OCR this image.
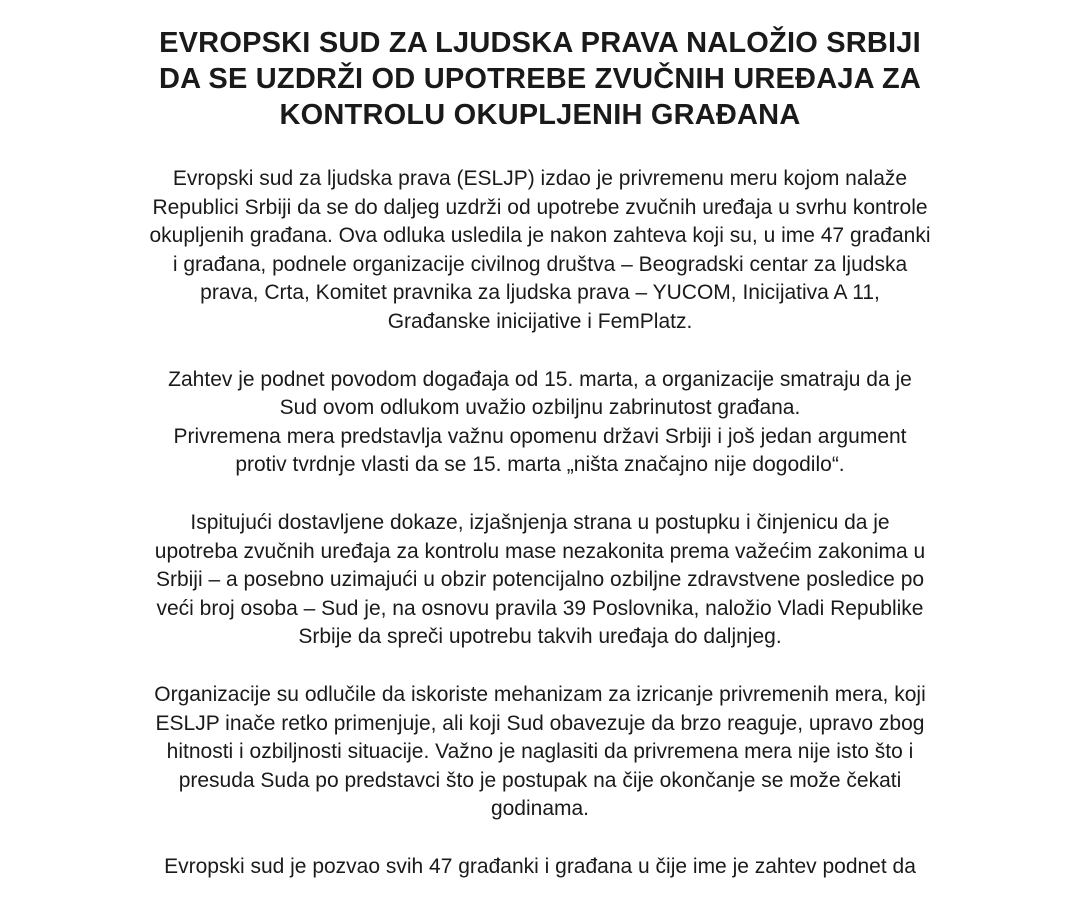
EVROPSKI SUD ZA LJUDSKA PRAVA NALOŽIO SRBIJI
DA SE UZDRŽI OD UPOTREBE ZVUČNIH UREĐAJA ZA
KONTROLU OKUPLJENIH GRAĐANA

Evropski sud za ljudska prava (ESLJP) izdao je privremenu meru kojom nalaže
Republici Srbiji da se do daljeg uzdrži od upotrebe zvučnih uređaja u svrhu kontrole
okupljenih građana. Ova odluka usledila je nakon zahteva koji su, u ime 47 građanki
i građana, podnele organizacije civilnog društva – Beogradski centar za ljudska
prava, Crta, Komitet pravnika za ljudska prava – YUCOM, Inicijativa A 11,
Građanske inicijative i FemPlatz.

Zahtev je podnet povodom događaja od 15. marta, a organizacije smatraju da je
Sud ovom odlukom uvažio ozbiljnu zabrinutost građana.
Privremena mera predstavlja važnu opomenu državi Srbiji i još jedan argument
protiv tvrdnje vlasti da se 15. marta „ništa značajno nije dogodilo“.

Ispitujući dostavljene dokaze, izjašnjenja strana u postupku i činjenicu da je
upotreba zvučnih uređaja za kontrolu mase nezakonita prema važećim zakonima u
Srbiji – a posebno uzimajući u obzir potencijalno ozbiljne zdravstvene posledice po
veći broj osoba – Sud je, na osnovu pravila 39 Poslovnika, naložio Vladi Republike
Srbije da spreči upotrebu takvih uređaja do daljnjeg.

Organizacije su odlučile da iskoriste mehanizam za izricanje privremenih mera, koji
ESLJP inače retko primenjuje, ali koji Sud obavezuje da brzo reaguje, upravo zbog
hitnosti i ozbiljnosti situacije. Važno je naglasiti da privremena mera nije isto što i
presuda Suda po predstavci što je postupak na čije okončanje se može čekati
godinama.

Evropski sud je pozvao svih 47 građanki i građana u čije ime je zahtev podnet da
